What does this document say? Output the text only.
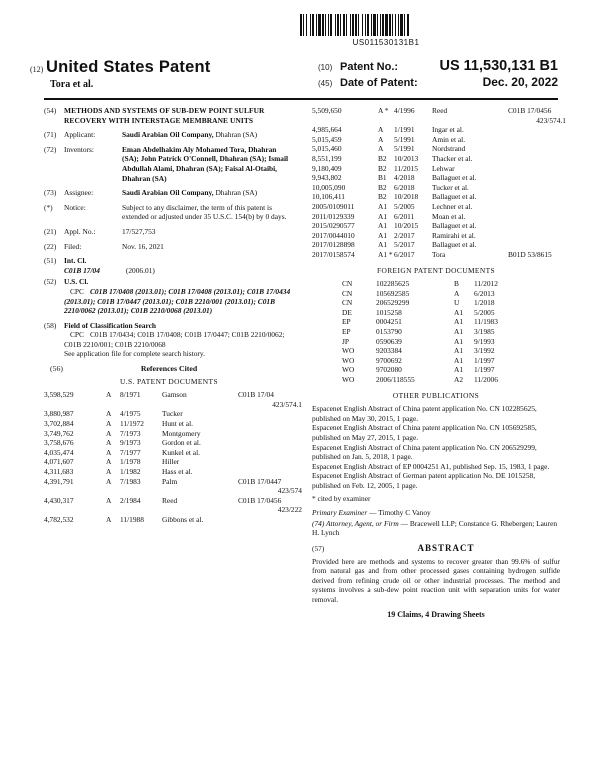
US011530131B1
(12) United States Patent
Tora et al.
(10) Patent No.:	US 11,530,131 B1
(45) Date of Patent:	Dec. 20, 2022
(54)	METHODS AND SYSTEMS OF SUB-DEW POINT SULFUR RECOVERY WITH INTERSTAGE MEMBRANE UNITS
(71)	Applicant:	Saudi Arabian Oil Company, Dhahran (SA)
(72)	Inventors:	Eman Abdelhakim Aly Mohamed Tora, Dhahran (SA); John Patrick O'Connell, Dhahran (SA); Ismail Abdullah Alami, Dhahran (SA); Faisal Al-Otaibi, Dhahran (SA)
(73)	Assignee:	Saudi Arabian Oil Company, Dhahran (SA)
(*)	Notice:	Subject to any disclaimer, the term of this patent is extended or adjusted under 35 U.S.C. 154(b) by 0 days.
(21)	Appl. No.:	17/527,753
(22)	Filed:	Nov. 16, 2021
(51)	Int. Cl.
C01B 17/04	(2006.01)
(52)	U.S. Cl.
CPC C01B 17/0408 (2013.01); C01B 17/0408 (2013.01); C01B 17/0434 (2013.01); C01B 17/0447 (2013.01); C01B 2210/001 (2013.01); C01B 2210/0062 (2013.01); C01B 2210/0068 (2013.01)
(58)	Field of Classification Search
CPC C01B 17/0434; C01B 17/0408; C01B 17/0447; C01B 2210/0062; C01B 2210/001; C01B 2210/0068
See application file for complete search history.
(56)	References Cited
U.S. PATENT DOCUMENTS
3,598,529	A	8/1971	Gamson	C01B 17/04
423/574.1
3,880,987	A	4/1975	Tucker
3,702,884	A	11/1972	Hunt et al.
3,749,762	A	7/1973	Montgomery
3,758,676	A	9/1973	Gordon et al.
4,035,474	A	7/1977	Kunkel et al.
4,071,607	A	1/1978	Hiller
4,311,683	A	1/1982	Hass et al.
4,391,791	A	7/1983	Palm	C01B 17/0447
423/574
4,430,317	A	2/1984	Reed	C01B 17/0456
423/222
4,782,532	A	11/1988	Gibbons et al.
5,509,650	A * 4/1996	Reed	C01B 17/0456
423/574.1
4,985,664	A	1/1991	Ingar et al.
5,015,459	A	5/1991	Amin et al.
5,015,460	A	5/1991	Nordstrand
8,551,199	B2 10/2013	Thacker et al.
9,180,409	B2 11/2015	Lehwar
9,943,802	B1 4/2018	Ballaguet et al.
10,005,090	B2 6/2018	Tucker et al.
10,106,411	B2 10/2018	Ballaguet et al.
2005/0109011	A1 5/2005	Lechner et al.
2011/0129339	A1 6/2011	Moan et al.
2015/0290577	A1 10/2015	Ballaguet et al.
2017/0044010	A1 2/2017	Ramirahi et al.
2017/0128898	A1 5/2017	Ballaguet et al.
2017/0158574	A1 * 6/2017	Tora	B01D 53/8615
FOREIGN PATENT DOCUMENTS
CN	102285625	B	11/2012
CN	105692585	A	6/2013
CN	206529299	U	1/2018
DE	1015258	A1	5/2005
EP	0004251	A1	11/1983
EP	0153790	A1	3/1985
JP	0590639	A1	9/1993
WO	9203384	A1	3/1992
WO	9700692	A1	1/1997
WO	9702080	A1	1/1997
WO	2006/118555	A2	11/2006
OTHER PUBLICATIONS

Espacenet English Abstract of China patent application No. CN 102285625, published on May 30, 2015, 1 page.

Espacenet English Abstract of China patent application No. CN 105692585, published on May 27, 2015, 1 page.

Espacenet English Abstract of China patent application No. CN 206529299, published on Jan. 5, 2018, 1 page.

Espacenet English Abstract of EP 0004251 A1, published Sep. 15, 1983, 1 page.

Espacenet English Abstract of German patent application No. DE 1015258, published on Feb. 12, 2005, 1 page.

* cited by examiner
Primary Examiner — Timothy C Vanoy
(74) Attorney, Agent, or Firm — Bracewell LLP; Constance G. Rhebergen; Lauren H. Lynch
(57)	ABSTRACT
Provided here are methods and systems to recover greater than 99.6% of sulfur from natural gas and from other processed gases containing hydrogen sulfide derived from refining crude oil or other industrial processes. The method and systems involves a sub-dew point reaction unit with separation units for water removal.
19 Claims, 4 Drawing Sheets
